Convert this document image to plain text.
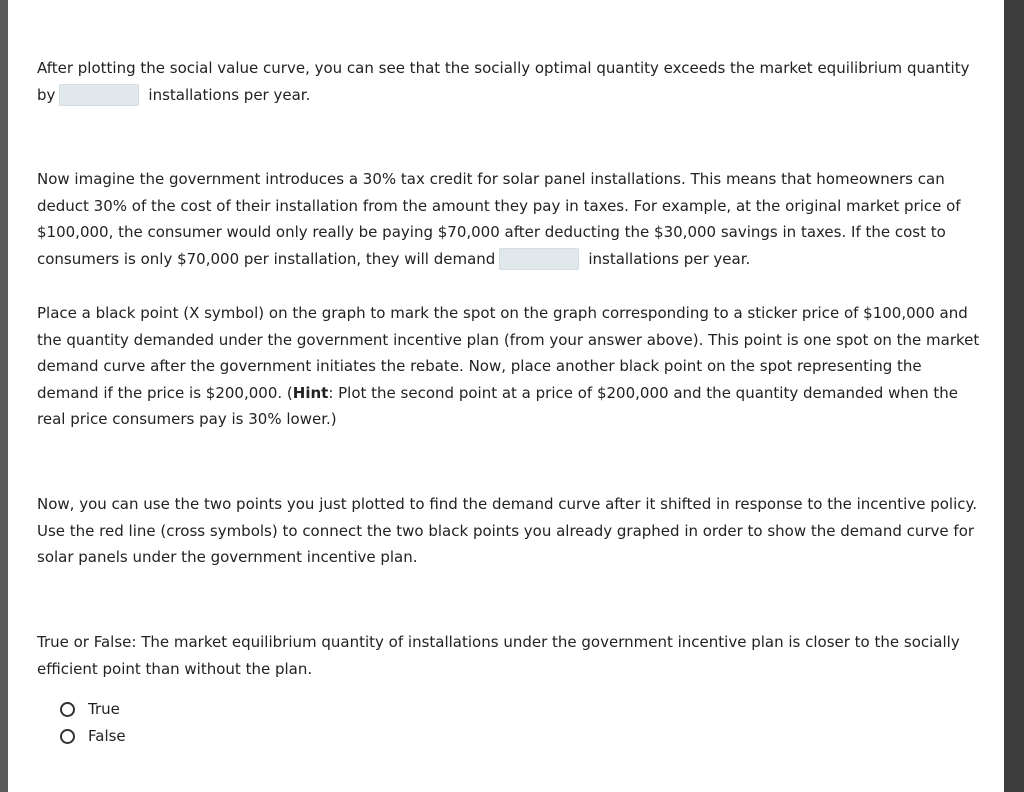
After plotting the social value curve, you can see that the socially optimal quantity exceeds the market equilibrium quantity by	installations per year.

Now imagine the government introduces a 30% tax credit for solar panel installations. This means that homeowners can deduct 30% of the cost of their installation from the amount they pay in taxes. For example, at the original market price of $100,000, the consumer would only really be paying $70,000 after deducting the $30,000 savings in taxes. If the cost to consumers is only $70,000 per installation, they will demand	installations per year.

Place a black point (X symbol) on the graph to mark the spot on the graph corresponding to a sticker price of $100,000 and the quantity demanded under the government incentive plan (from your answer above). This point is one spot on the market demand curve after the government initiates the rebate. Now, place another black point on the spot representing the demand if the price is $200,000. (Hint: Plot the second point at a price of $200,000 and the quantity demanded when the real price consumers pay is 30% lower.)

Now, you can use the two points you just plotted to find the demand curve after it shifted in response to the incentive policy. Use the red line (cross symbols) to connect the two black points you already graphed in order to show the demand curve for solar panels under the government incentive plan.

True or False: The market equilibrium quantity of installations under the government incentive plan is closer to the socially efficient point than without the plan.

True
False
